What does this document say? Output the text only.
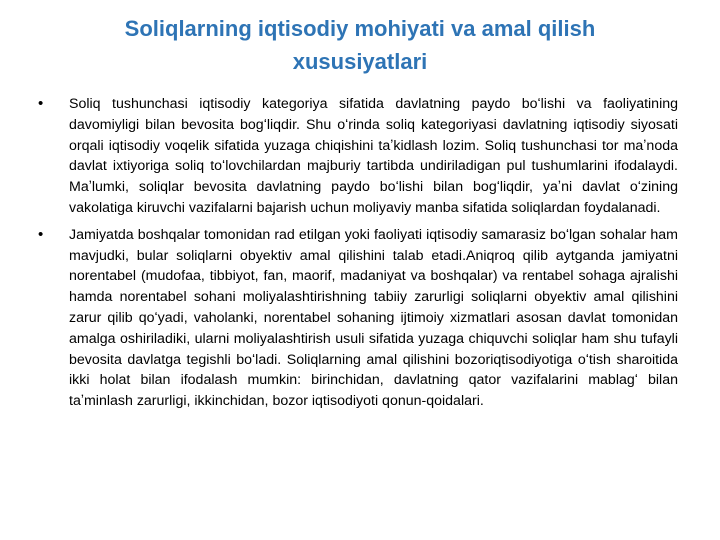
Soliqlarning iqtisodiy mohiyati va amal qilish xususiyatlari
• Soliq tushunchasi iqtisodiy kategoriya sifatida davlatning paydo boʻlishi va faoliyatining davomiyligi bilan bevosita bogʻliqdir. Shu oʻrinda soliq kategoriyasi davlatning iqtisodiy siyosati orqali iqtisodiy voqelik sifatida yuzaga chiqishini taʼkidlash lozim. Soliq tushunchasi tor maʼnoda davlat ixtiyoriga soliq toʻlovchilardan majburiy tartibda undiriladigan pul tushumlarini ifodalaydi. Maʼlumki, soliqlar bevosita davlatning paydo boʻlishi bilan bogʻliqdir, yaʼni davlat oʻzining vakolatiga kiruvchi vazifalarni bajarish uchun moliyaviy manba sifatida soliqlardan foydalanadi.
• Jamiyatda boshqalar tomonidan rad etilgan yoki faoliyati iqtisodiy samarasiz boʻlgan sohalar ham mavjudki, bular soliqlarni obyektiv amal qilishini talab etadi.Aniqroq qilib aytganda jamiyatni norentabel (mudofaa, tibbiyot, fan, maorif, madaniyat va boshqalar) va rentabel sohaga ajralishi hamda norentabel sohani moliyalashtirishning tabiiy zarurligi soliqlarni obyektiv amal qilishini zarur qilib qoʻyadi, vaholanki, norentabel sohaning ijtimoiy xizmatlari asosan davlat tomonidan amalga oshiriladiki, ularni moliyalashtirish usuli sifatida yuzaga chiquvchi soliqlar ham shu tufayli bevosita davlatga tegishli boʻladi. Soliqlarning amal qilishini bozoriqtisodiyotiga oʻtish sharoitida ikki holat bilan ifodalash mumkin: birinchidan, davlatning qator vazifalarini mablagʻ bilan taʼminlash zarurligi, ikkinchidan, bozor iqtisodiyoti qonun-qoidalari.
